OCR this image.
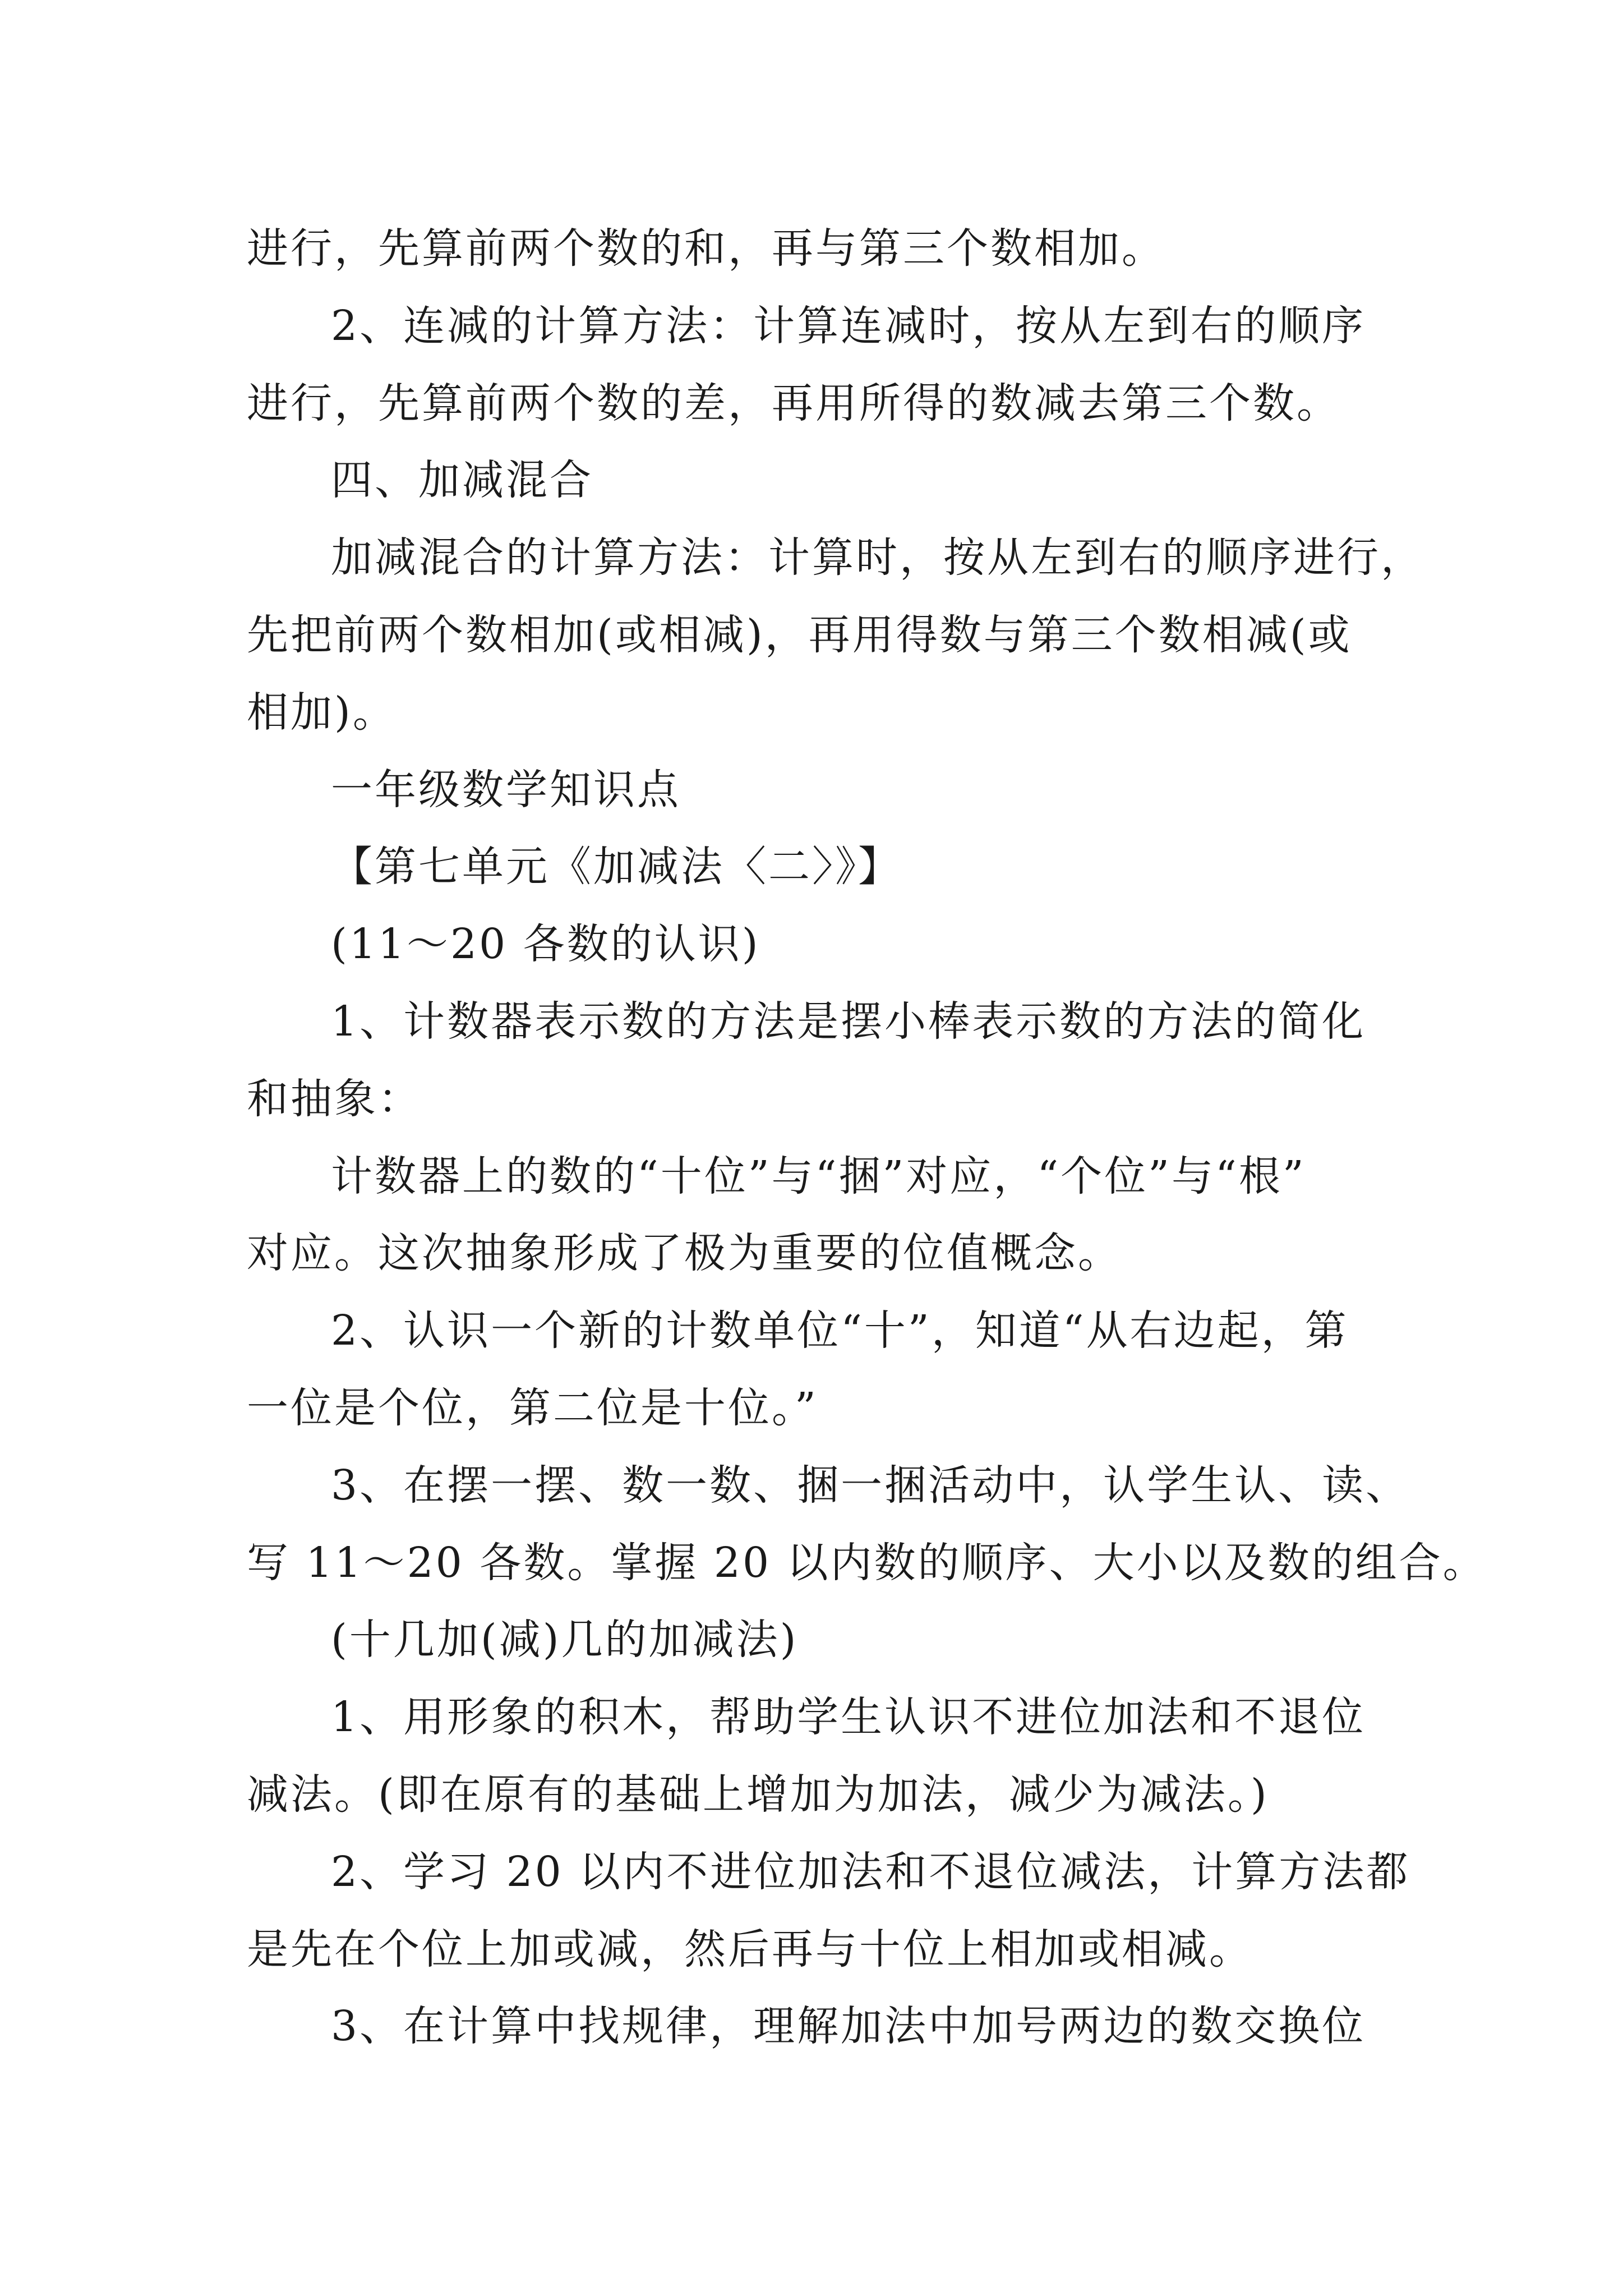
进行，先算前两个数的和，再与第三个数相加。
2、连减的计算方法：计算连减时，按从左到右的顺序
进行，先算前两个数的差，再用所得的数减去第三个数。
四、加减混合
加减混合的计算方法：计算时，按从左到右的顺序进行，
先把前两个数相加(或相减)，再用得数与第三个数相减(或
相加)。
一年级数学知识点
【第七单元《加减法〈二〉》】
(11～20 各数的认识)
1、计数器表示数的方法是摆小棒表示数的方法的简化
和抽象：
计数器上的数的“十位”与“捆”对应，“个位”与“根”
对应。这次抽象形成了极为重要的位值概念。
2、认识一个新的计数单位“十”，知道“从右边起，第
一位是个位，第二位是十位。”
3、在摆一摆、数一数、捆一捆活动中，认学生认、读、
写 11～20 各数。掌握 20 以内数的顺序、大小以及数的组合。
(十几加(减)几的加减法)
1、用形象的积木，帮助学生认识不进位加法和不退位
减法。(即在原有的基础上增加为加法，减少为减法。)
2、学习 20 以内不进位加法和不退位减法，计算方法都
是先在个位上加或减，然后再与十位上相加或相减。
3、在计算中找规律，理解加法中加号两边的数交换位
